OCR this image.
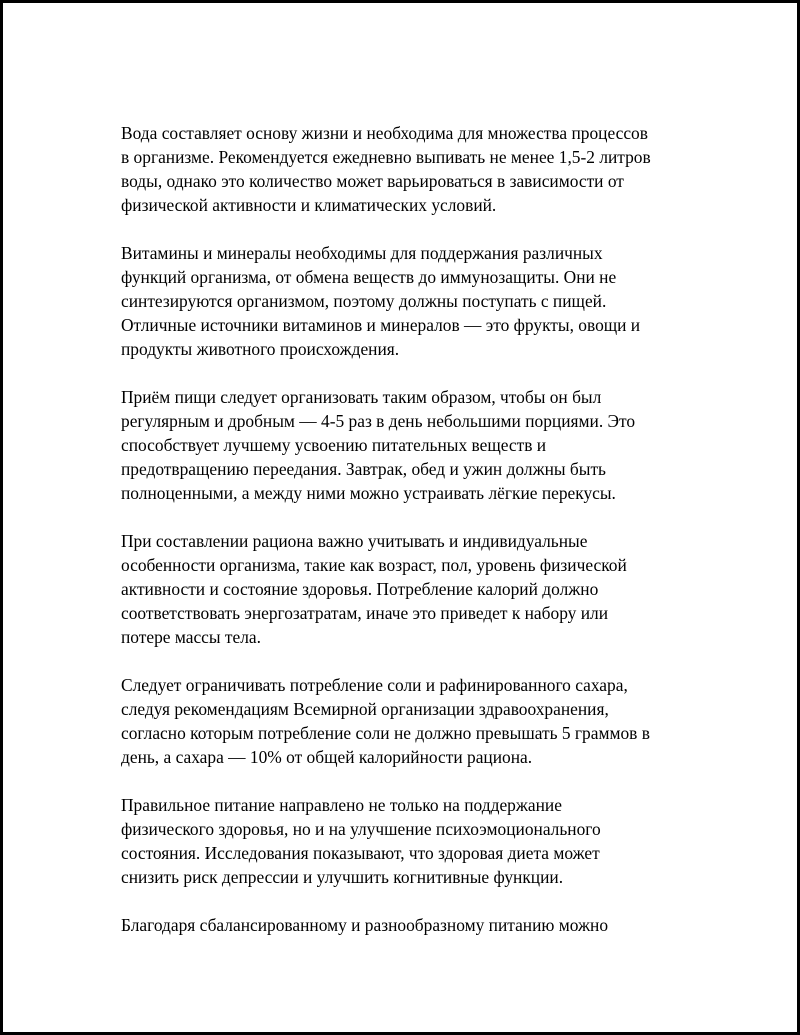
Вода составляет основу жизни и необходима для множества процессов
в организме. Рекомендуется ежедневно выпивать не менее 1,5-2 литров
воды, однако это количество может варьироваться в зависимости от
физической активности и климатических условий.

Витамины и минералы необходимы для поддержания различных
функций организма, от обмена веществ до иммунозащиты. Они не
синтезируются организмом, поэтому должны поступать с пищей.
Отличные источники витаминов и минералов — это фрукты, овощи и
продукты животного происхождения.

Приём пищи следует организовать таким образом, чтобы он был
регулярным и дробным — 4-5 раз в день небольшими порциями. Это
способствует лучшему усвоению питательных веществ и
предотвращению переедания. Завтрак, обед и ужин должны быть
полноценными, а между ними можно устраивать лёгкие перекусы.

При составлении рациона важно учитывать и индивидуальные
особенности организма, такие как возраст, пол, уровень физической
активности и состояние здоровья. Потребление калорий должно
соответствовать энергозатратам, иначе это приведет к набору или
потере массы тела.

Следует ограничивать потребление соли и рафинированного сахара,
следуя рекомендациям Всемирной организации здравоохранения,
согласно которым потребление соли не должно превышать 5 граммов в
день, а сахара — 10% от общей калорийности рациона.

Правильное питание направлено не только на поддержание
физического здоровья, но и на улучшение психоэмоционального
состояния. Исследования показывают, что здоровая диета может
снизить риск депрессии и улучшить когнитивные функции.

Благодаря сбалансированному и разнообразному питанию можно
